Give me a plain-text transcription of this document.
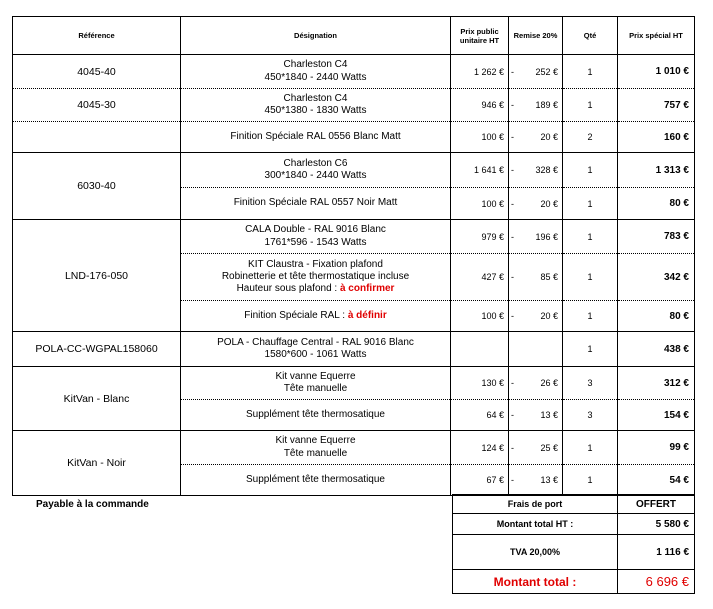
Référence	Désignation	Prix public
unitaire HT	Remise 20%	Qté	Prix spécial HT
4045-40	Charleston C4
450*1840 - 2440 Watts	1 262 €	- 252 €	1	1 010 €
4045-30	Charleston C4
450*1380 - 1830 Watts	946 €	- 189 €	1	757 €
	Finition Spéciale RAL 0556 Blanc Matt	100 €	- 20 €	2	160 €
6030-40	Charleston C6
300*1840 - 2440 Watts	1 641 €	- 328 €	1	1 313 €
	Finition Spéciale RAL 0557 Noir Matt	100 €	- 20 €	1	80 €
LND-176-050	CALA Double - RAL 9016 Blanc
1761*596 - 1543 Watts	979 €	- 196 €	1	783 €
	KIT Claustra - Fixation plafond
Robinetterie et tête thermostatique incluse
Hauteur sous plafond : à confirmer	427 €	- 85 €	1	342 €
	Finition Spéciale RAL : à définir	100 €	- 20 €	1	80 €
POLA-CC-WGPAL158060	POLA - Chauffage Central - RAL 9016 Blanc
1580*600 - 1061 Watts			1	438 €
KitVan - Blanc	Kit vanne Equerre
Tête manuelle	130 €	- 26 €	3	312 €
	Supplément tête thermosatique	64 €	- 13 €	3	154 €
KitVan - Noir	Kit vanne Equerre
Tête manuelle	124 €	- 25 €	1	99 €
	Supplément tête thermosatique	67 €	- 13 €	1	54 €
Payable à la commande	Frais de port	OFFERT
Montant total HT :	5 580 €
TVA 20,00%	1 116 €
Montant total :	6 696 €
